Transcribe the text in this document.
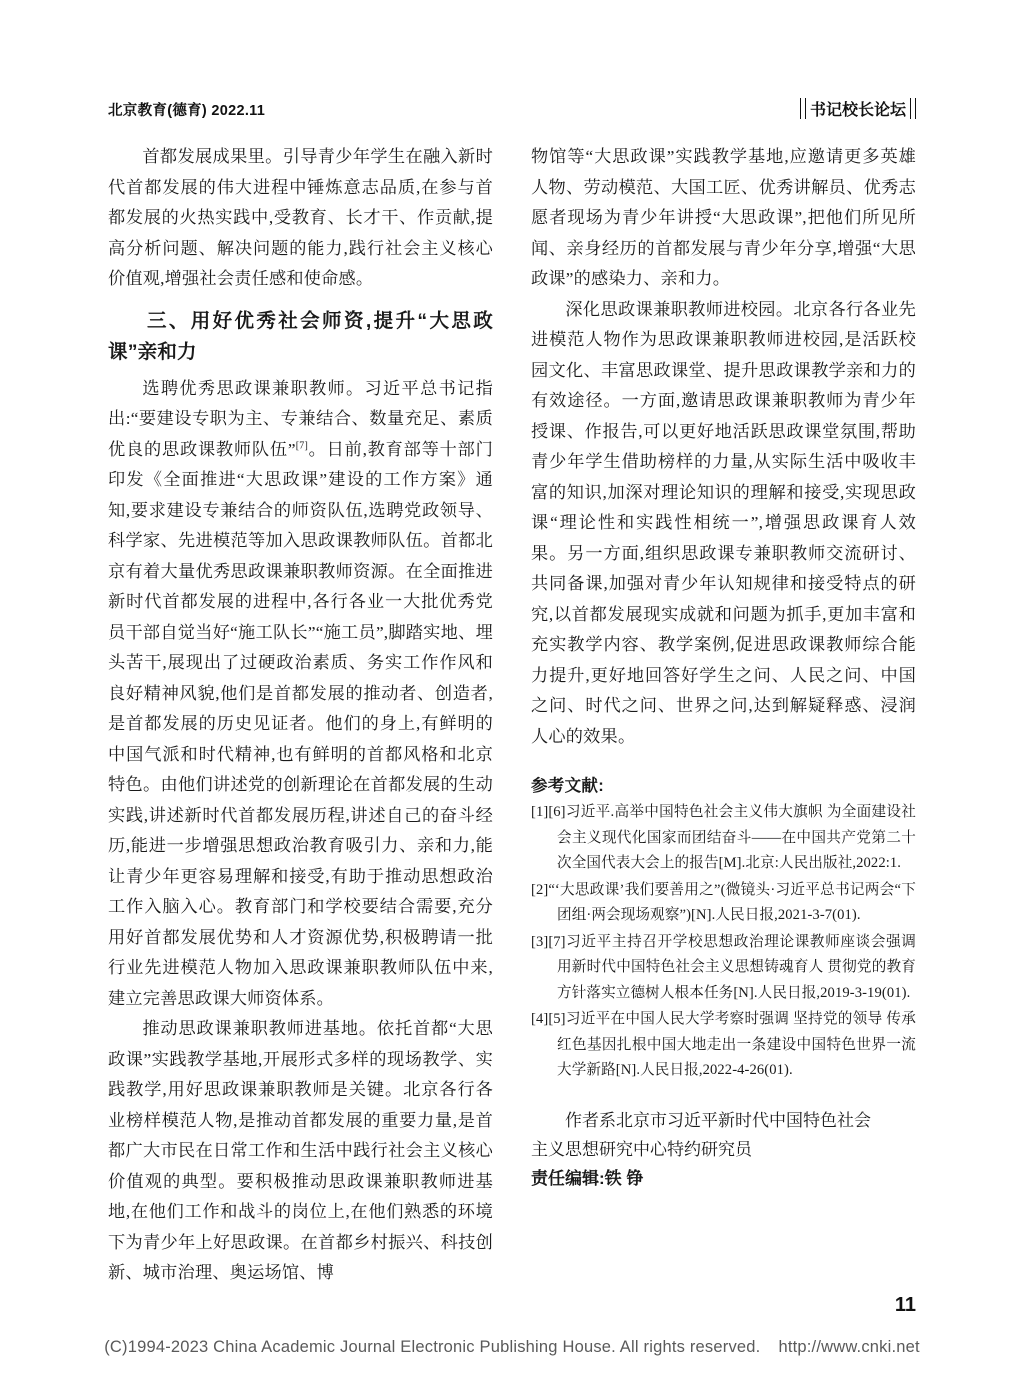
北京教育(德育) 2022.11	书记校长论坛

首都发展成果里。引导青少年学生在融入新时代首都发展的伟大进程中锤炼意志品质,在参与首都发展的火热实践中,受教育、长才干、作贡献,提高分析问题、解决问题的能力,践行社会主义核心价值观,增强社会责任感和使命感。

三、用好优秀社会师资,提升“大思政课”亲和力

选聘优秀思政课兼职教师。习近平总书记指出:“要建设专职为主、专兼结合、数量充足、素质优良的思政课教师队伍”[7]。日前,教育部等十部门印发《全面推进“大思政课”建设的工作方案》通知,要求建设专兼结合的师资队伍,选聘党政领导、科学家、先进模范等加入思政课教师队伍。首都北京有着大量优秀思政课兼职教师资源。在全面推进新时代首都发展的进程中,各行各业一大批优秀党员干部自觉当好“施工队长”“施工员”,脚踏实地、埋头苦干,展现出了过硬政治素质、务实工作作风和良好精神风貌,他们是首都发展的推动者、创造者,是首都发展的历史见证者。他们的身上,有鲜明的中国气派和时代精神,也有鲜明的首都风格和北京特色。由他们讲述党的创新理论在首都发展的生动实践,讲述新时代首都发展历程,讲述自己的奋斗经历,能进一步增强思想政治教育吸引力、亲和力,能让青少年更容易理解和接受,有助于推动思想政治工作入脑入心。教育部门和学校要结合需要,充分用好首都发展优势和人才资源优势,积极聘请一批行业先进模范人物加入思政课兼职教师队伍中来,建立完善思政课大师资体系。

推动思政课兼职教师进基地。依托首都“大思政课”实践教学基地,开展形式多样的现场教学、实践教学,用好思政课兼职教师是关键。北京各行各业榜样模范人物,是推动首都发展的重要力量,是首都广大市民在日常工作和生活中践行社会主义核心价值观的典型。要积极推动思政课兼职教师进基地,在他们工作和战斗的岗位上,在他们熟悉的环境下为青少年上好思政课。在首都乡村振兴、科技创新、城市治理、奥运场馆、博

物馆等“大思政课”实践教学基地,应邀请更多英雄人物、劳动模范、大国工匠、优秀讲解员、优秀志愿者现场为青少年讲授“大思政课”,把他们所见所闻、亲身经历的首都发展与青少年分享,增强“大思政课”的感染力、亲和力。

深化思政课兼职教师进校园。北京各行各业先进模范人物作为思政课兼职教师进校园,是活跃校园文化、丰富思政课堂、提升思政课教学亲和力的有效途径。一方面,邀请思政课兼职教师为青少年授课、作报告,可以更好地活跃思政课堂氛围,帮助青少年学生借助榜样的力量,从实际生活中吸收丰富的知识,加深对理论知识的理解和接受,实现思政课“理论性和实践性相统一”,增强思政课育人效果。另一方面,组织思政课专兼职教师交流研讨、共同备课,加强对青少年认知规律和接受特点的研究,以首都发展现实成就和问题为抓手,更加丰富和充实教学内容、教学案例,促进思政课教师综合能力提升,更好地回答好学生之问、人民之问、中国之问、时代之问、世界之问,达到解疑释惑、浸润人心的效果。

参考文献:

[1][6]习近平.高举中国特色社会主义伟大旗帜 为全面建设社会主义现代化国家而团结奋斗——在中国共产党第二十次全国代表大会上的报告[M].北京:人民出版社,2022:1.

[2]“‘大思政课’我们要善用之”(微镜头·习近平总书记两会“下团组·两会现场观察”)[N].人民日报,2021-3-7(01).

[3][7]习近平主持召开学校思想政治理论课教师座谈会强调 用新时代中国特色社会主义思想铸魂育人 贯彻党的教育方针落实立德树人根本任务[N].人民日报,2019-3-19(01).

[4][5]习近平在中国人民大学考察时强调 坚持党的领导 传承红色基因扎根中国大地走出一条建设中国特色世界一流大学新路[N].人民日报,2022-4-26(01).

作者系北京市习近平新时代中国特色社会

主义思想研究中心特约研究员

责任编辑:铁 铮

11
(C)1994-2023 China Academic Journal Electronic Publishing House. All rights reserved. http://www.cnki.net
